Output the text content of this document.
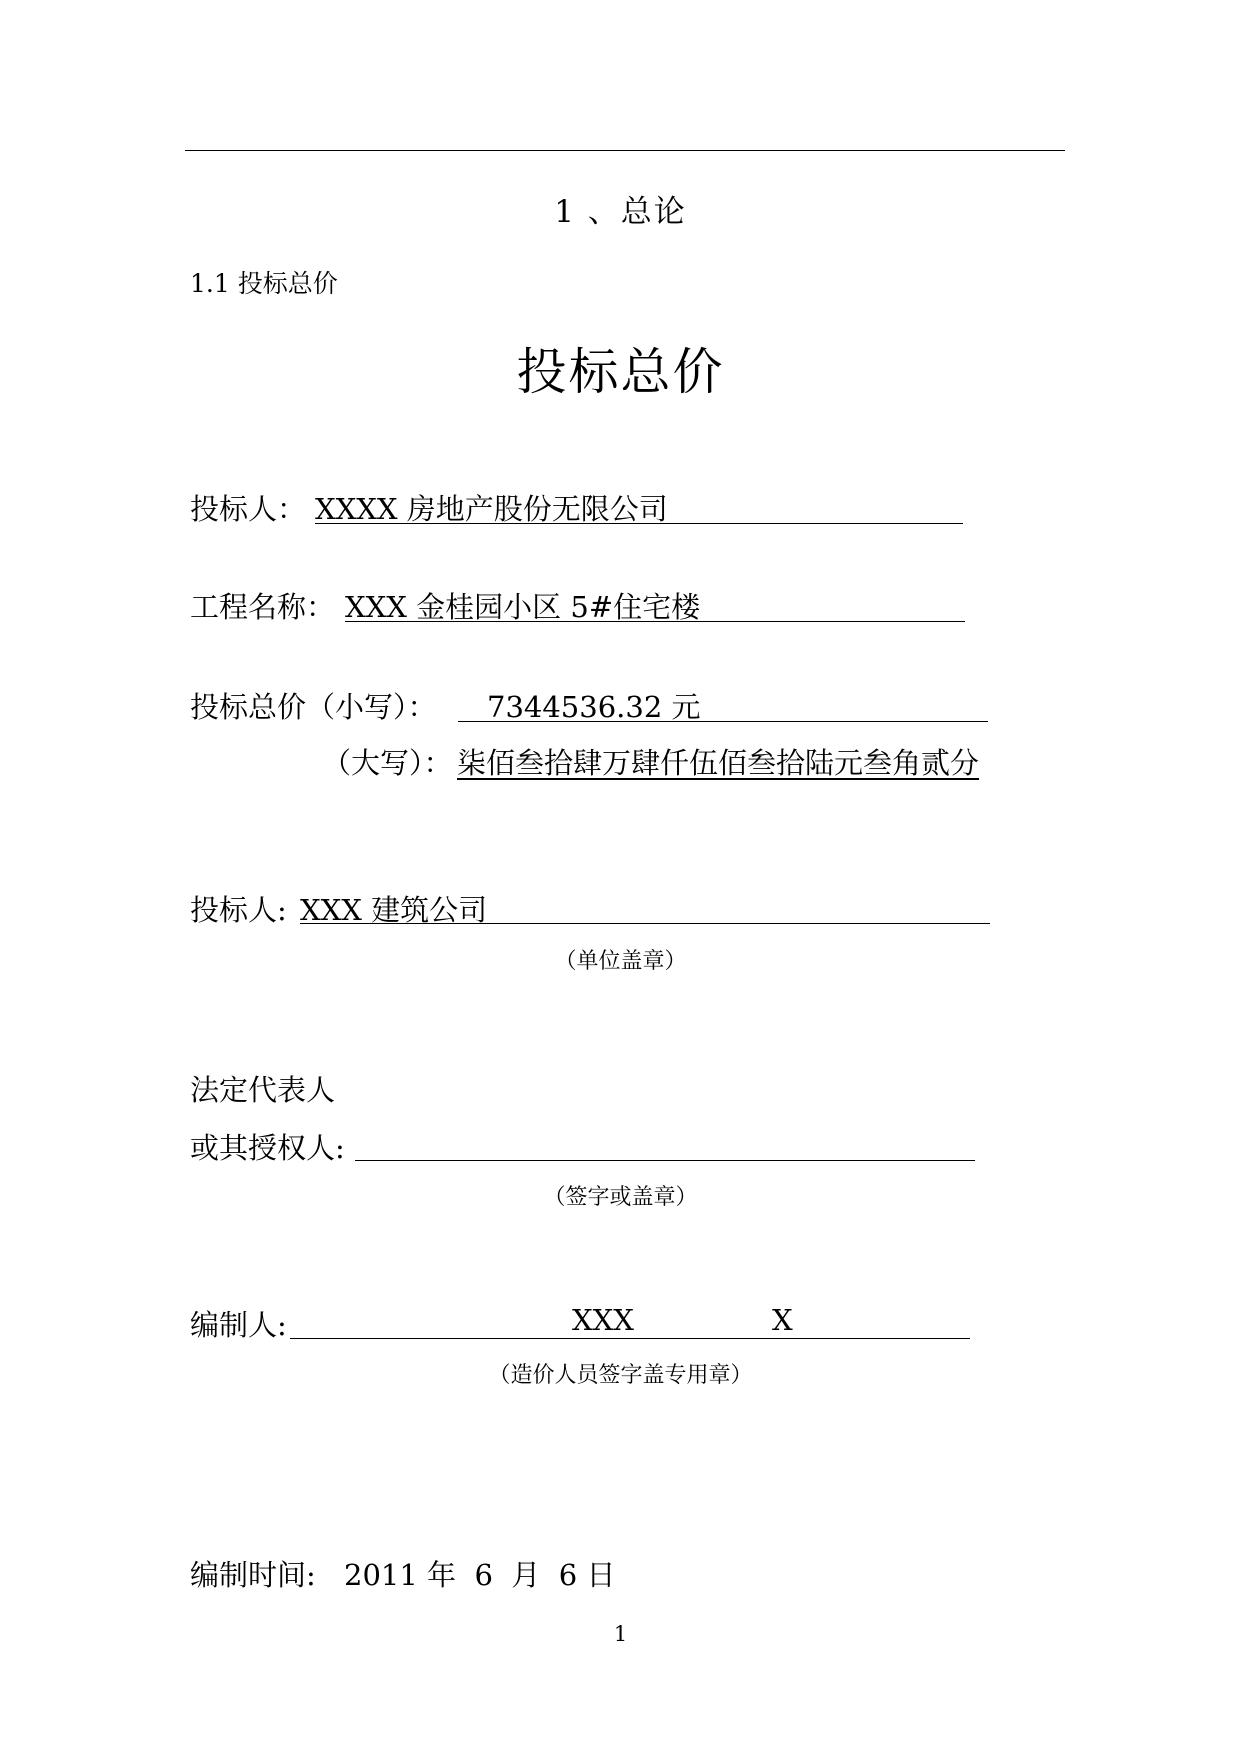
1 、总论
1.1 投标总价
投标总价
投标人： XXXX 房地产股份无限公司
工程名称： XXX 金桂园小区 5#住宅楼
投标总价（小写）： 7344536.32 元
（大写）： 柒佰叁拾肆万肆仟伍佰叁拾陆元叁角贰分
投标人: XXX 建筑公司
（单位盖章）
法定代表人
或其授权人:
（签字或盖章）
编制人:	XXX	X
（造价人员签字盖专用章）
编制时间: 2011 年  6  月  6 日
1
